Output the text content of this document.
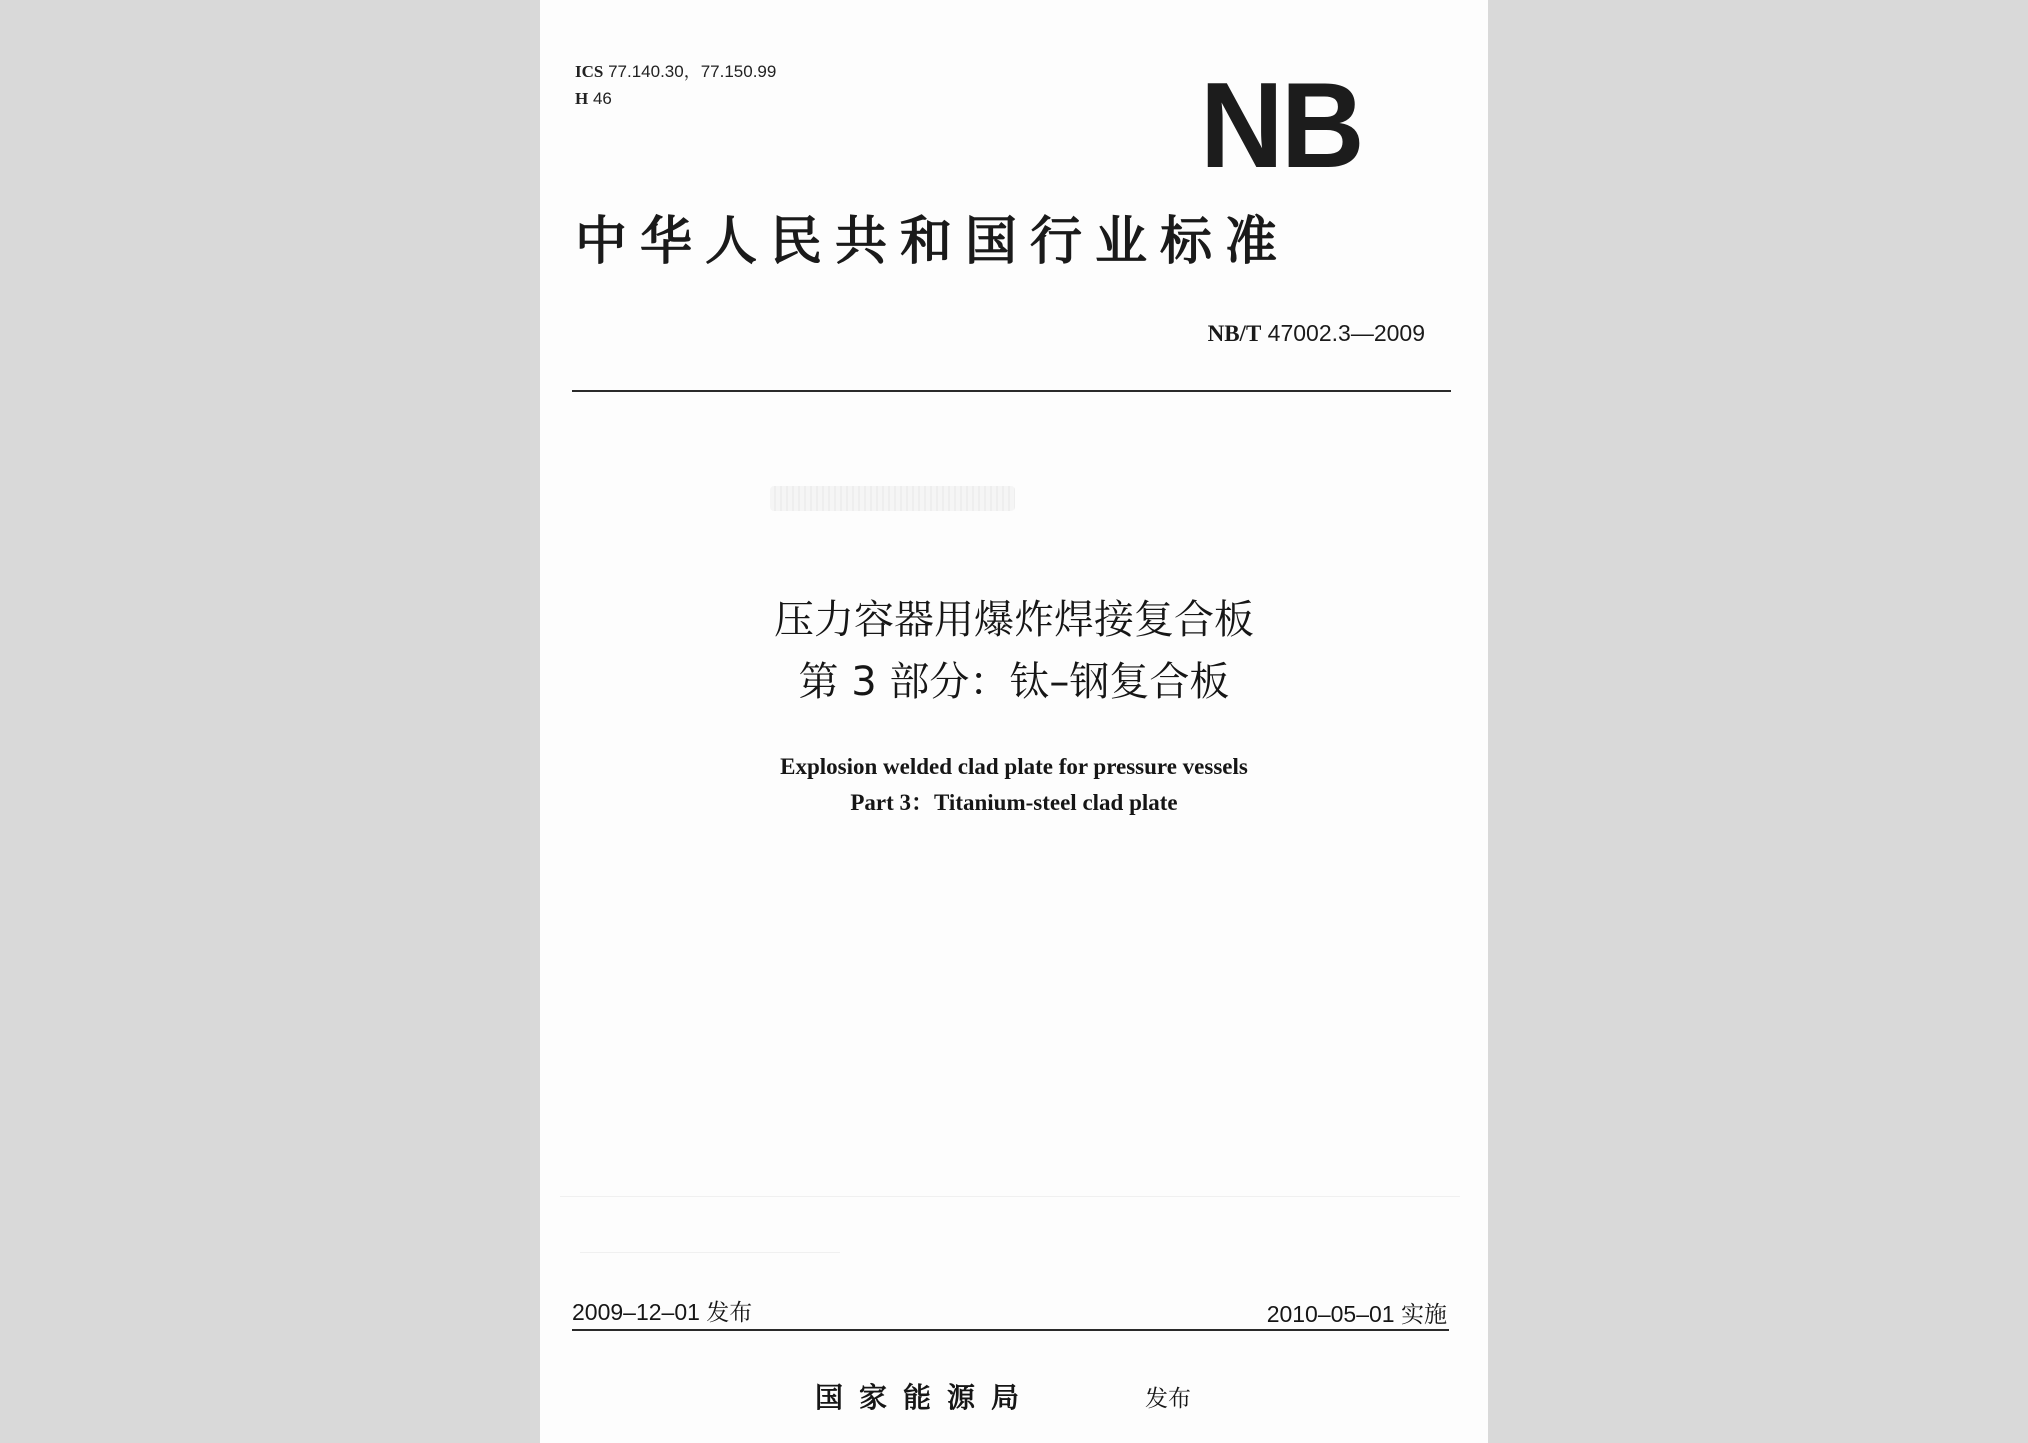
ICS 77.140.30，77.150.99
H 46	NB
中华人民共和国行业标准
NB/T 47002.3—2009
压力容器用爆炸焊接复合板
第 3 部分：钛–钢复合板
Explosion welded clad plate for pressure vessels
Part 3：Titanium-steel clad plate
2009–12–01 发布	2010–05–01 实施
国家能源局	发布
